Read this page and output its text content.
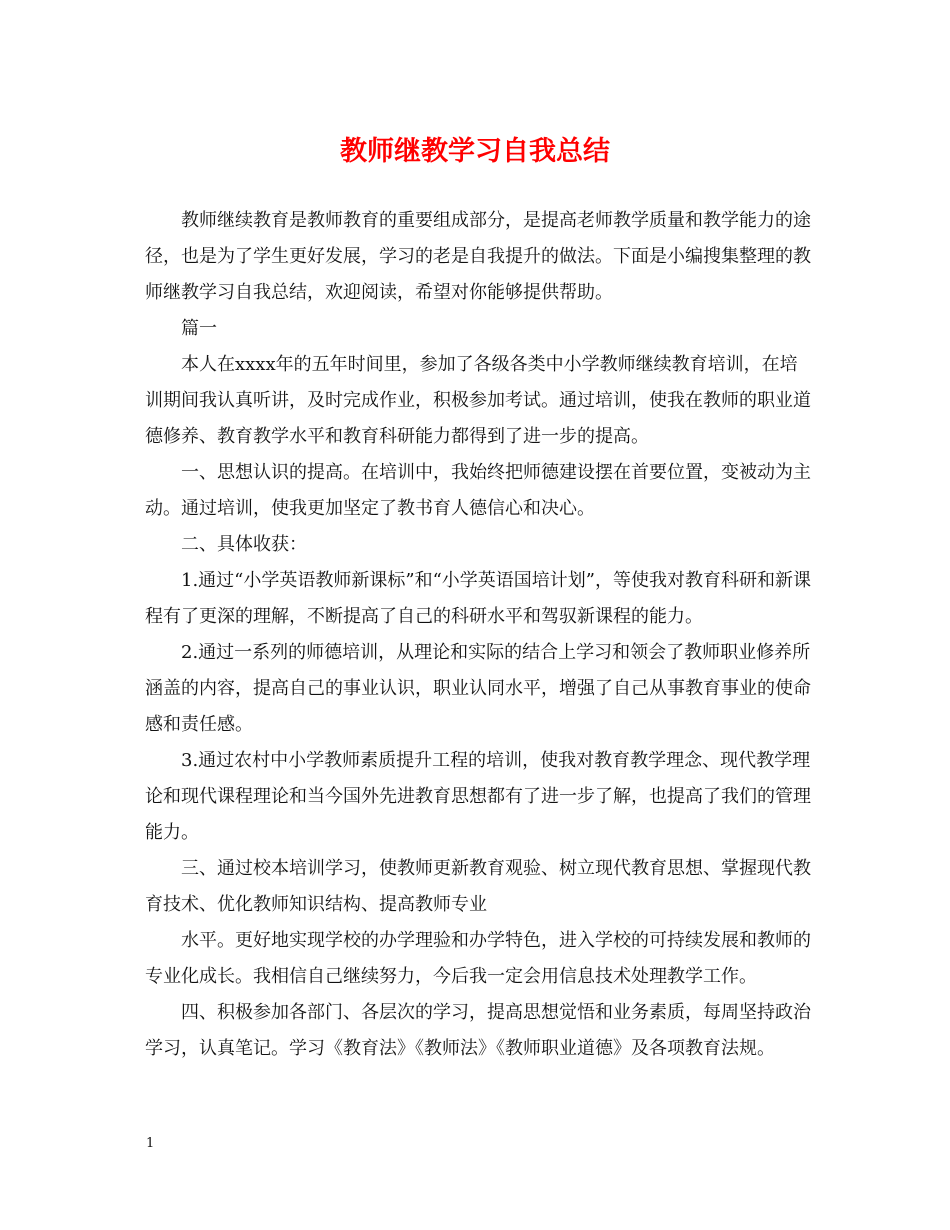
教师继教学习自我总结

教师继续教育是教师教育的重要组成部分，是提高老师教学质量和教学能力的途径，也是为了学生更好发展，学习的老是自我提升的做法。下面是小编搜集整理的教师继教学习自我总结，欢迎阅读，希望对你能够提供帮助。

篇一

本人在xxxx年的五年时间里，参加了各级各类中小学教师继续教育培训，在培训期间我认真听讲，及时完成作业，积极参加考试。通过培训，使我在教师的职业道德修养、教育教学水平和教育科研能力都得到了进一步的提高。

一、思想认识的提高。在培训中，我始终把师德建设摆在首要位置，变被动为主动。通过培训，使我更加坚定了教书育人德信心和决心。

二、具体收获：

1.通过“小学英语教师新课标”和“小学英语国培计划”，等使我对教育科研和新课程有了更深的理解，不断提高了自己的科研水平和驾驭新课程的能力。

2.通过一系列的师德培训，从理论和实际的结合上学习和领会了教师职业修养所涵盖的内容，提高自己的事业认识，职业认同水平，增强了自己从事教育事业的使命感和责任感。

3.通过农村中小学教师素质提升工程的培训，使我对教育教学理念、现代教学理论和现代课程理论和当今国外先进教育思想都有了进一步了解，也提高了我们的管理能力。

三、通过校本培训学习，使教师更新教育观验、树立现代教育思想、掌握现代教育技术、优化教师知识结构、提高教师专业

水平。更好地实现学校的办学理验和办学特色，进入学校的可持续发展和教师的专业化成长。我相信自己继续努力，今后我一定会用信息技术处理教学工作。

四、积极参加各部门、各层次的学习，提高思想觉悟和业务素质，每周坚持政治学习，认真笔记。学习《教育法》《教师法》《教师职业道德》及各项教育法规。

1
